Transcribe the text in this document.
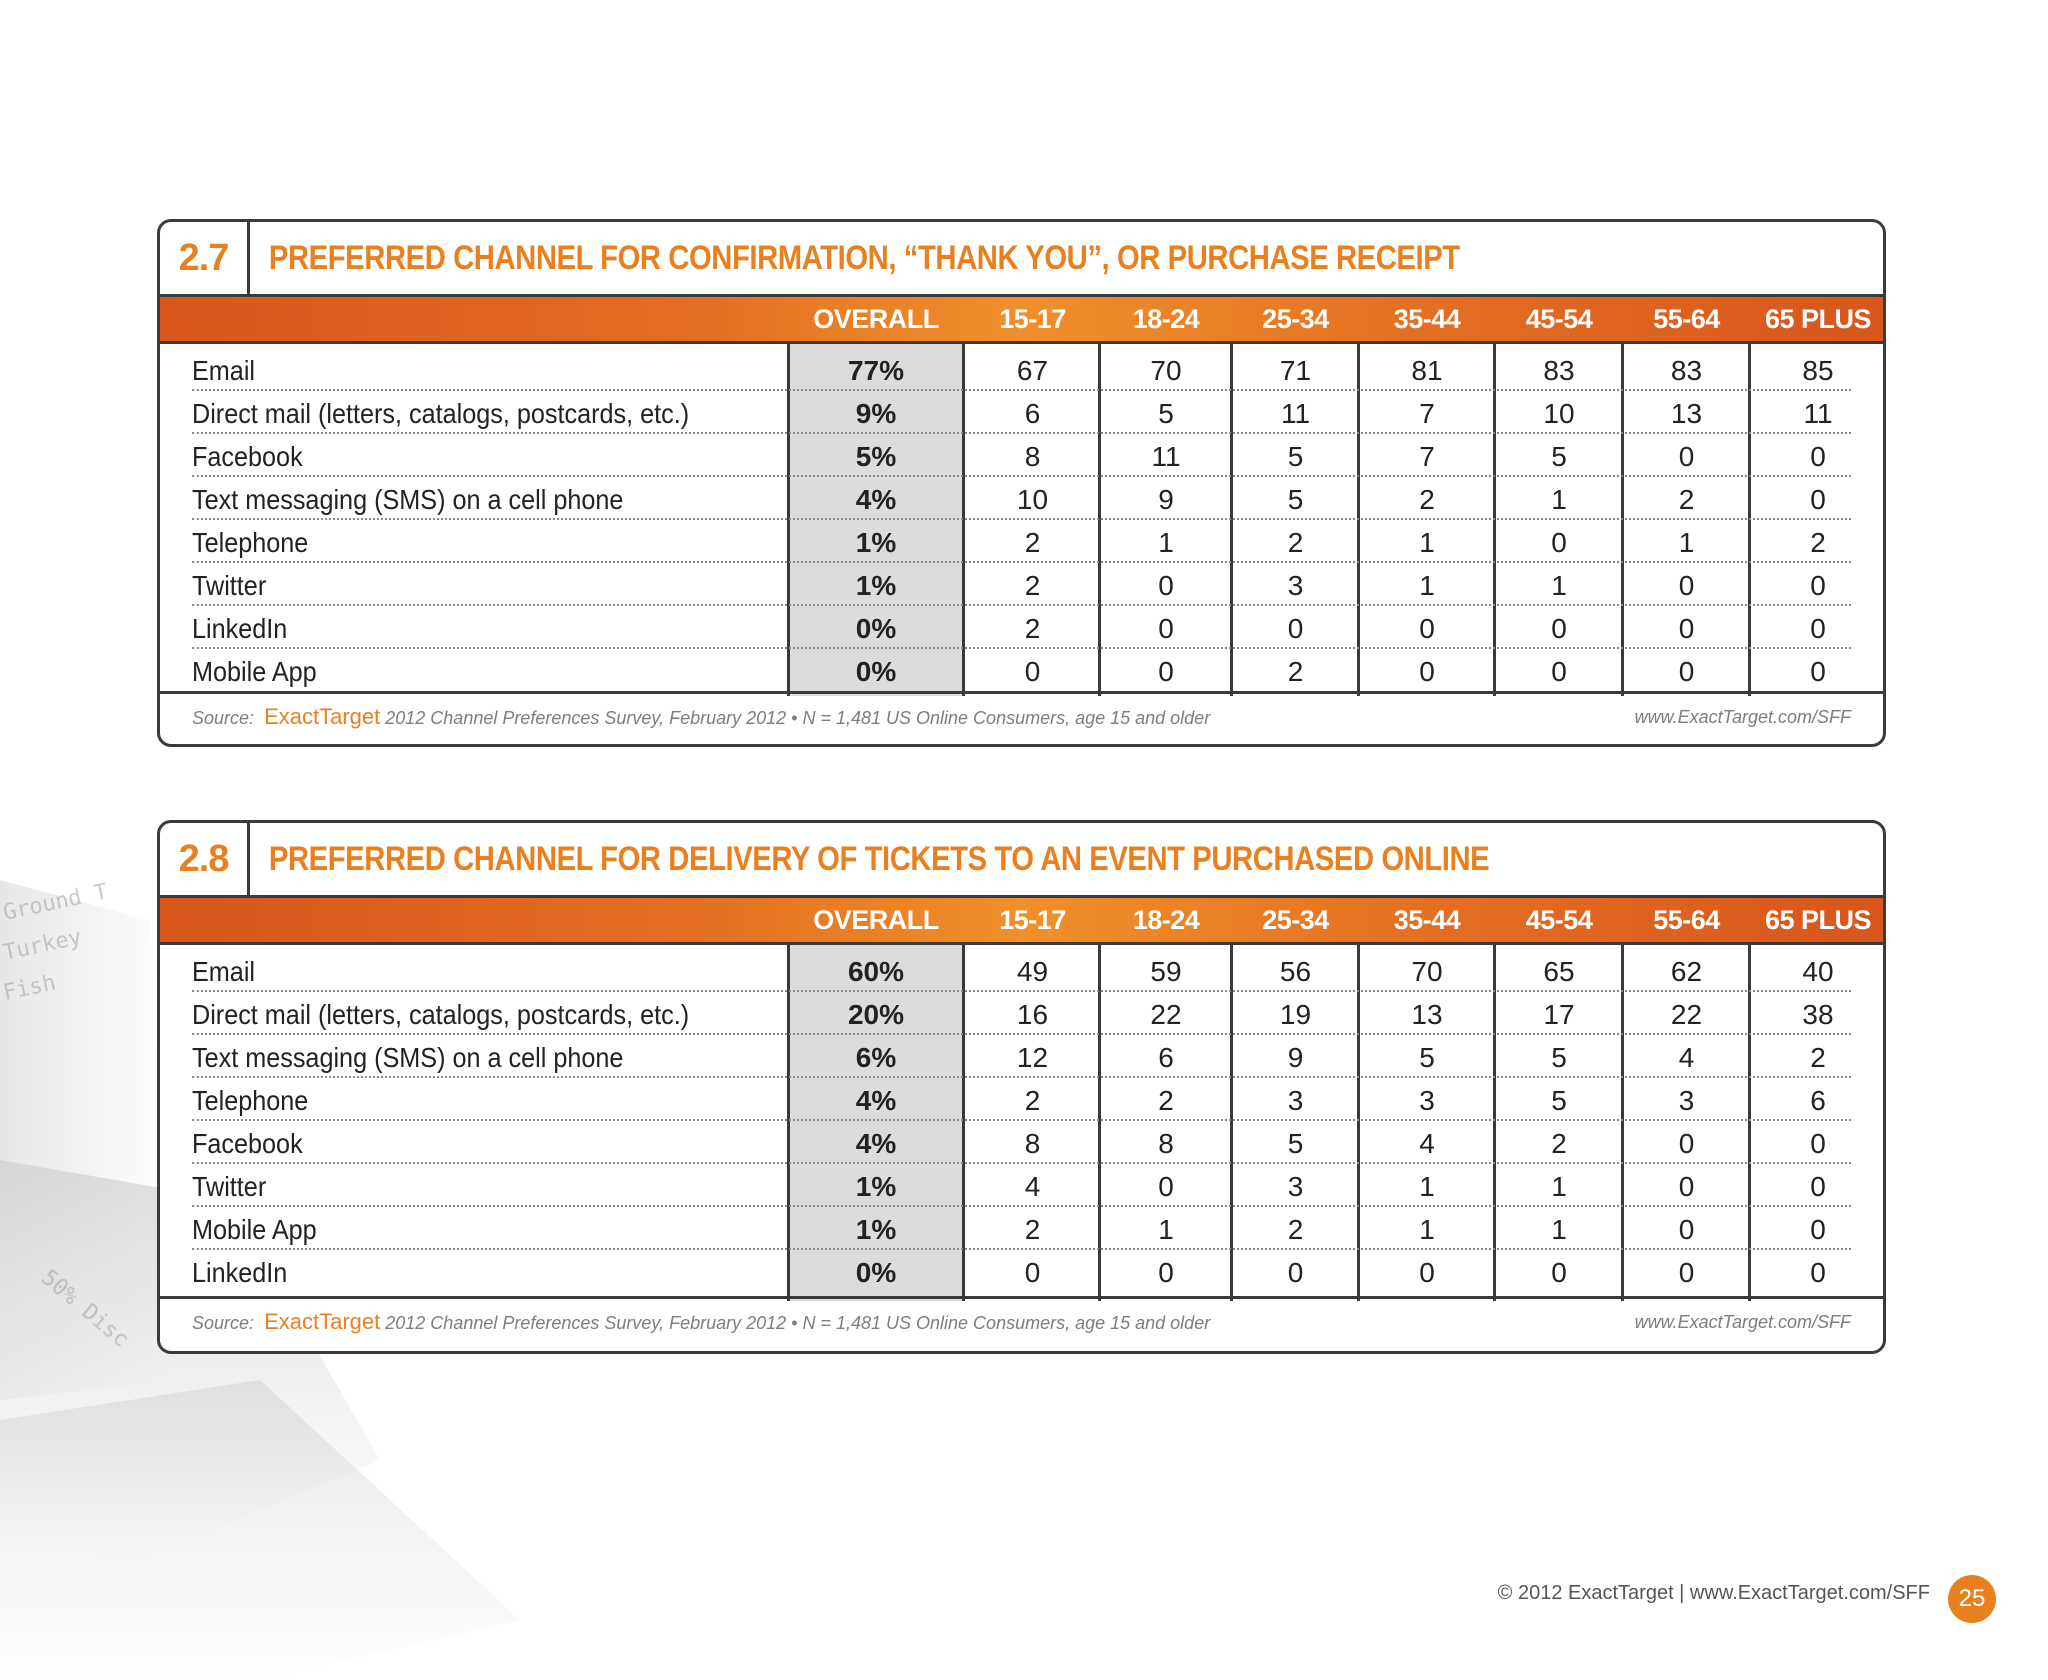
Ground T
Turkey
Fish
50% Disc
2.7	PREFERRED CHANNEL FOR CONFIRMATION, “THANK YOU”, OR PURCHASE RECEIPT
OVERALL	15-17	18-24	25-34	35-44	45-54	55-64	65 PLUS
Email	77%	67	70	71	81	83	83	85
Direct mail (letters, catalogs, postcards, etc.)	9%	6	5	11	7	10	13	11
Facebook	5%	8	11	5	7	5	0	0
Text messaging (SMS) on a cell phone	4%	10	9	5	2	1	2	0
Telephone	1%	2	1	2	1	0	1	2
Twitter	1%	2	0	3	1	1	0	0
LinkedIn	0%	2	0	0	0	0	0	0
Mobile App	0%	0	0	2	0	0	0	0
Source: ExactTarget 2012 Channel Preferences Survey, February 2012 • N = 1,481 US Online Consumers, age 15 and older	www.ExactTarget.com/SFF
2.8	PREFERRED CHANNEL FOR DELIVERY OF TICKETS TO AN EVENT PURCHASED ONLINE
OVERALL	15-17	18-24	25-34	35-44	45-54	55-64	65 PLUS
Email	60%	49	59	56	70	65	62	40
Direct mail (letters, catalogs, postcards, etc.)	20%	16	22	19	13	17	22	38
Text messaging (SMS) on a cell phone	6%	12	6	9	5	5	4	2
Telephone	4%	2	2	3	3	5	3	6
Facebook	4%	8	8	5	4	2	0	0
Twitter	1%	4	0	3	1	1	0	0
Mobile App	1%	2	1	2	1	1	0	0
LinkedIn	0%	0	0	0	0	0	0	0
Source: ExactTarget 2012 Channel Preferences Survey, February 2012 • N = 1,481 US Online Consumers, age 15 and older	www.ExactTarget.com/SFF
© 2012 ExactTarget | www.ExactTarget.com/SFF	25
